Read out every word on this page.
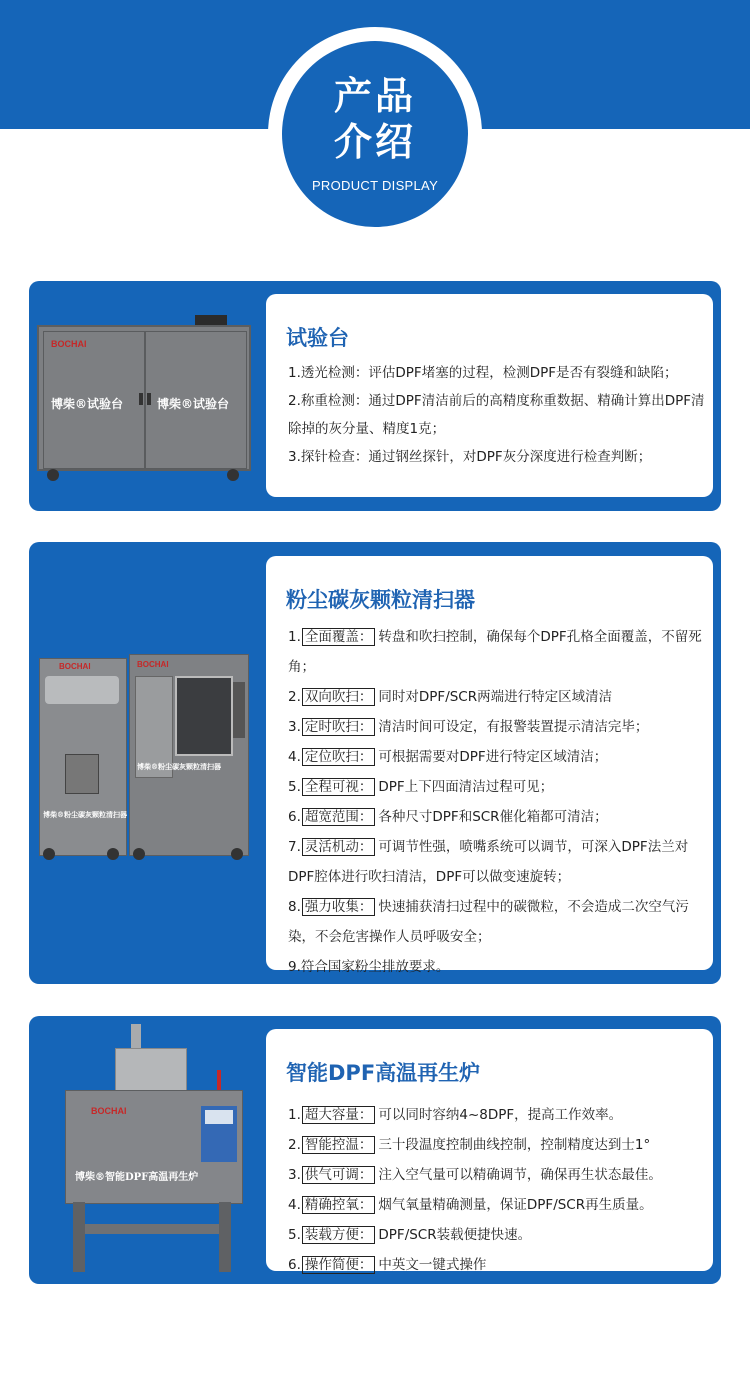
产品
介绍
PRODUCT DISPLAY
BOCHAI
博柴®试验台	博柴®试验台
试验台
1.透光检测：评估DPF堵塞的过程，检测DPF是否有裂缝和缺陷；
2.称重检测：通过DPF清洁前后的高精度称重数据、精确计算出DPF清除掉的灰分量、精度1克；
3.探针检查：通过钢丝探针，对DPF灰分深度进行检查判断；
BOCHAI
博柴®粉尘碳灰颗粒清扫器
BOCHAI
博柴®粉尘碳灰颗粒清扫器
粉尘碳灰颗粒清扫器
1. 全面覆盖： 转盘和吹扫控制，确保每个DPF孔格全面覆盖，不留死角；
2. 双向吹扫： 同时对DPF/SCR两端进行特定区域清洁
3. 定时吹扫： 清洁时间可设定，有报警装置提示清洁完毕；
4. 定位吹扫： 可根据需要对DPF进行特定区域清洁；
5. 全程可视： DPF上下四面清洁过程可见；
6. 超宽范围： 各种尺寸DPF和SCR催化箱都可清洁；
7. 灵活机动： 可调节性强，喷嘴系统可以调节，可深入DPF法兰对DPF腔体进行吹扫清洁，DPF可以做变速旋转；
8. 强力收集： 快速捕获清扫过程中的碳微粒，不会造成二次空气污染，不会危害操作人员呼吸安全；
9.符合国家粉尘排放要求。
BOCHAI
博柴®智能DPF高温再生炉
智能DPF高温再生炉
1. 超大容量： 可以同时容纳4~8DPF，提高工作效率。
2. 智能控温： 三十段温度控制曲线控制，控制精度达到士1°
3. 供气可调： 注入空气量可以精确调节，确保再生状态最佳。
4. 精确控氧： 烟气氧量精确测量，保证DPF/SCR再生质量。
5. 装载方便： DPF/SCR装载便捷快速。
6. 操作简便： 中英文一键式操作
